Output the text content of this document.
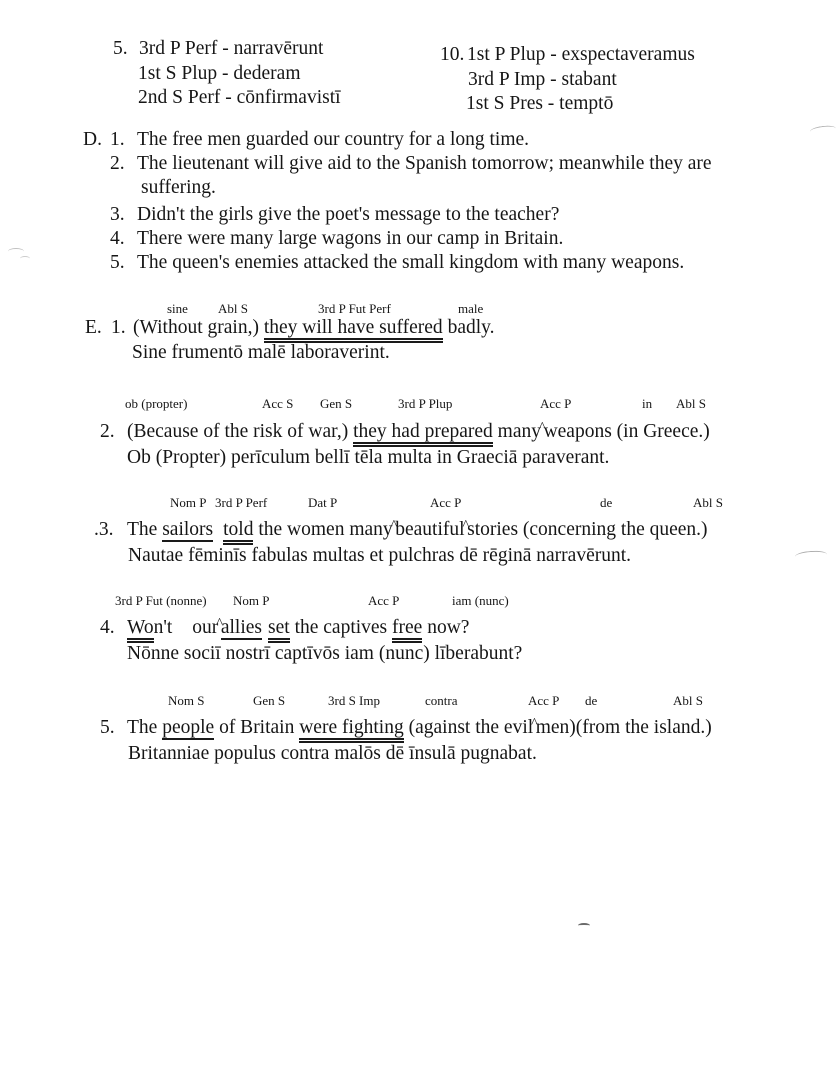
5. 3rd P Perf - narravērunt
1st S Plup - dederam
2nd S Perf - cōnfirmavistī
10. 1st P Plup - exspectaveramus
3rd P Imp - stabant
1st S Pres - temptō
D. 1. The free men guarded our country for a long time.
2. The lieutenant will give aid to the Spanish tomorrow; meanwhile they are
suffering.
3. Didn't the girls give the poet's message to the teacher?
4. There were many large wagons in our camp in Britain.
5. The queen's enemies attacked the small kingdom with many weapons.
sine Abl S	3rd P Fut Perf	male
E. 1. (Without grain,) they will have suffered badly.
Sine frumentō malē laboraverint.
ob (propter)	Acc S Gen S	3rd P Plup	Acc P	in Abl S
2. (Because of the risk of war,) they had prepared many^weapons (in Greece.)
Ob (Propter) perīculum bellī tēla multa in Graeciā paraverant.
Nom P 3rd P Perf	Dat P	Acc P	de	Abl S
.3. The sailors told the women many^beautiful^stories (concerning the queen.)
Nautae fēminīs fabulas multas et pulchras dē rēginā narravērunt.
3rd P Fut (nonne) Nom P	Acc P	iam (nunc)
4. Won't our^allies set the captives free now?
Nōnne sociī nostrī captīvōs iam (nunc) līberabunt?
Nom S	Gen S	3rd S Imp	contra	Acc P de	Abl S
5. The people of Britain were fighting (against the evil^men)(from the island.)
Britanniae populus contra malōs dē īnsulā pugnabat.
